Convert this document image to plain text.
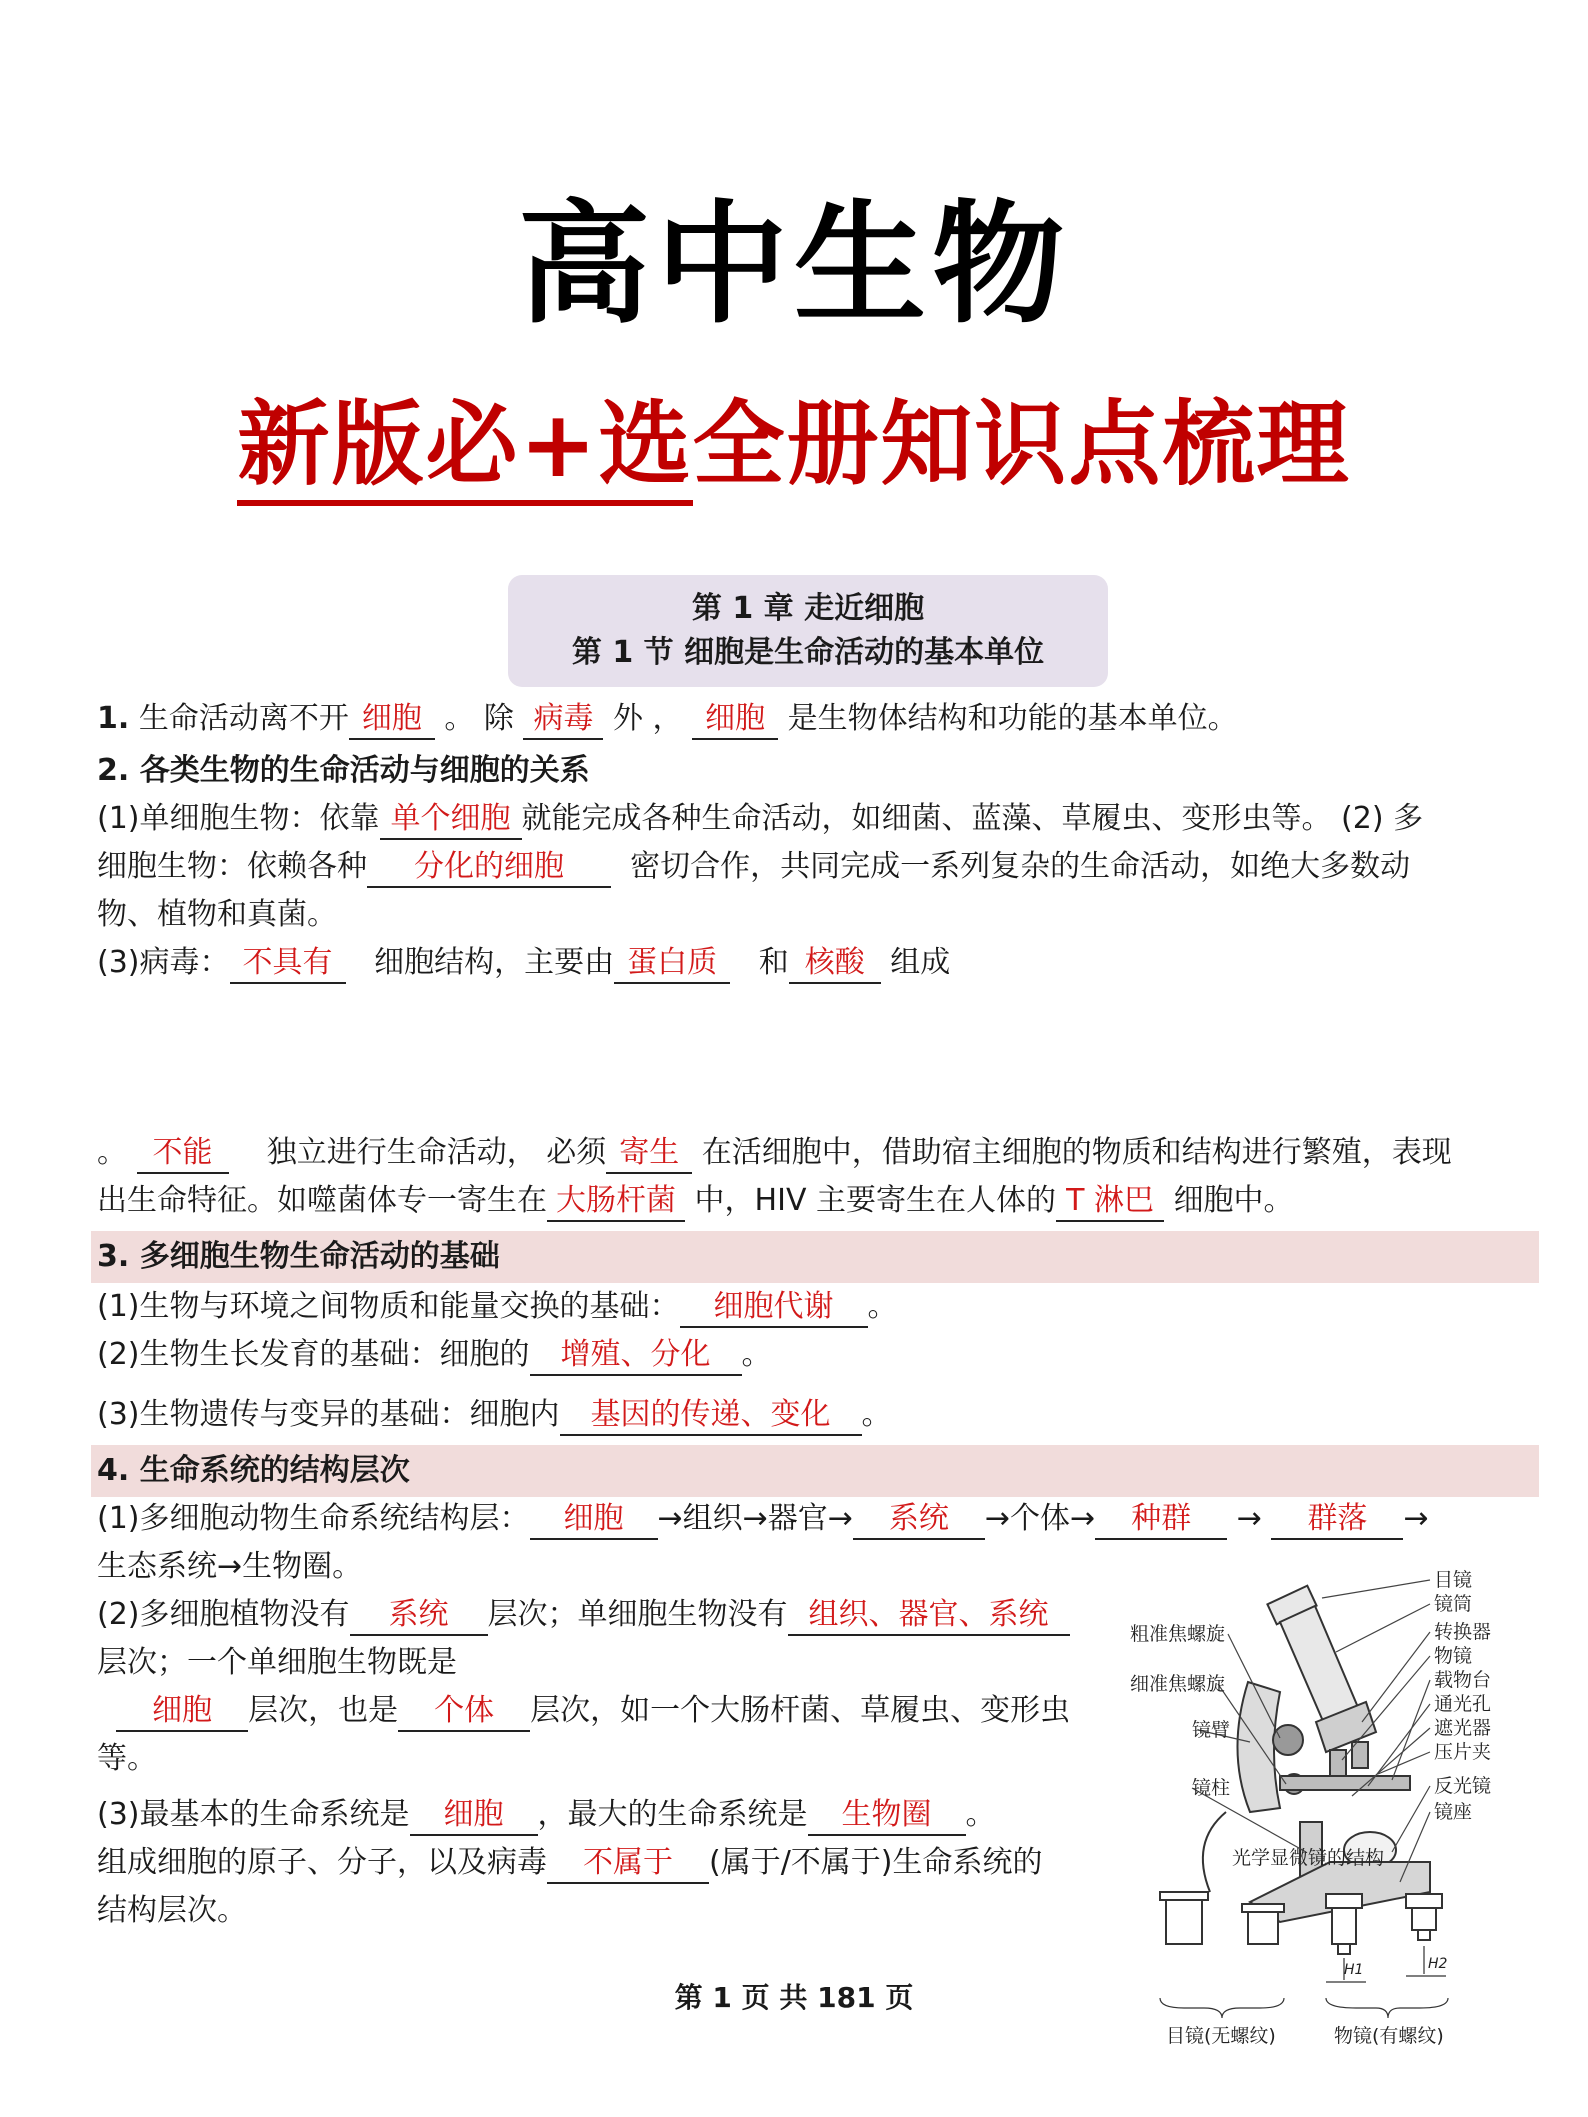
高中生物
新版必+选全册知识点梳理
第 1 章 走近细胞
第 1 节 细胞是生命活动的基本单位
1. 生命活动离不开 细胞 。 除 病毒 外 ， 细胞 是生物体结构和功能的基本单位。
2. 各类生物的生命活动与细胞的关系
(1)单细胞生物：依靠 单个细胞 就能完成各种生命活动，如细菌、蓝藻、草履虫、变形虫等。 (2) 多
细胞生物：依赖各种 分化的细胞 密切合作，共同完成一系列复杂的生命活动，如绝大多数动
物、植物和真菌。
(3)病毒： 不具有 细胞结构，主要由 蛋白质 和 核酸 组成
。 不能 独立进行生命活动， 必须 寄生 在活细胞中，借助宿主细胞的物质和结构进行繁殖，表现
出生命特征。如噬菌体专一寄生在 大肠杆菌 中，HIV 主要寄生在人体的 T 淋巴 细胞中。
3. 多细胞生物生命活动的基础
(1)生物与环境之间物质和能量交换的基础： 细胞代谢 。
(2)生物生长发育的基础：细胞的 增殖、分化 。
(3)生物遗传与变异的基础：细胞内 基因的传递、变化 。
4. 生命系统的结构层次
(1)多细胞动物生命系统结构层： 细胞 →组织→器官→ 系统 →个体→ 种群 → 群落 →
生态系统→生物圈。
(2)多细胞植物没有 系统 层次；单细胞生物没有 组织、器官、系统
层次；一个单细胞生物既是
细胞 层次，也是 个体 层次，如一个大肠杆菌、草履虫、变形虫
等。
(3)最基本的生命系统是 细胞 ，最大的生命系统是 生物圈 。
组成细胞的原子、分子，以及病毒 不属于 (属于/不属于)生命系统的
结构层次。
目镜
镜筒
转换器
物镜
载物台
通光孔
遮光器
压片夹
反光镜
镜座
粗准焦螺旋
细准焦螺旋
镜臂
镜柱
光学显微镜的结构
H1	H2
目镜(无螺纹)	物镜(有螺纹)
第 1 页 共 181 页
